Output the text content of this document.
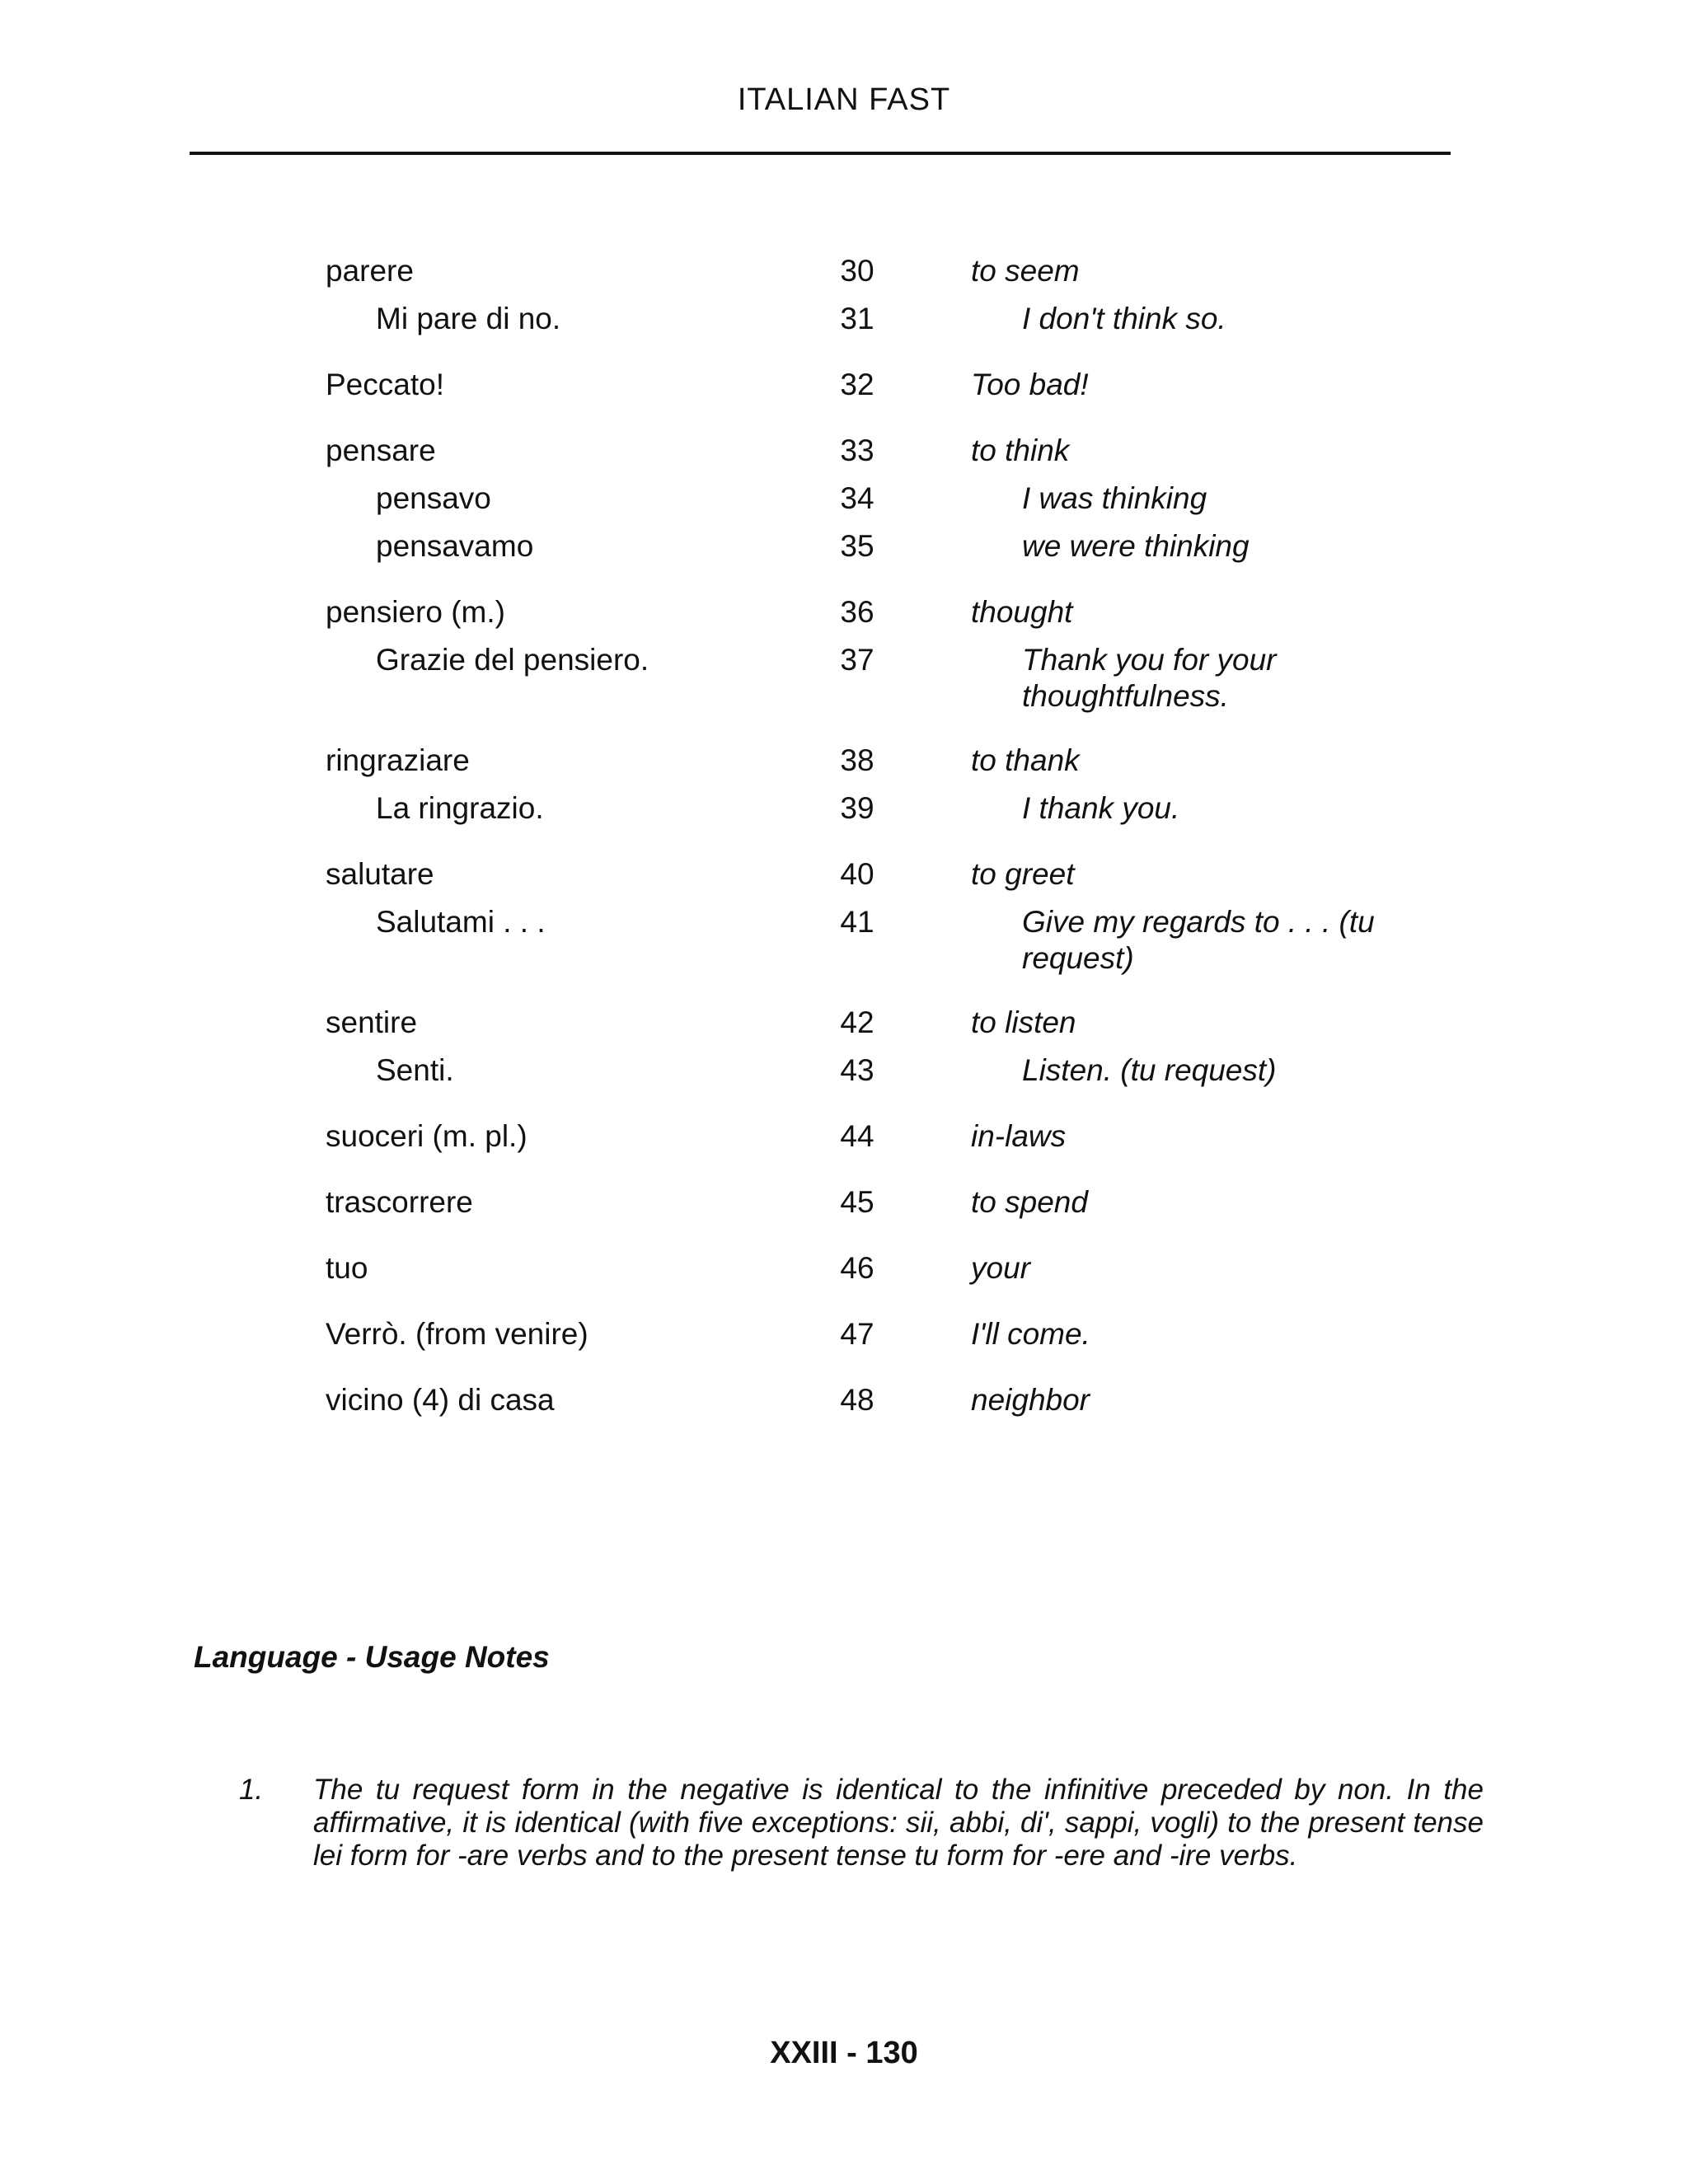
ITALIAN FAST
parere	30	to seem
Mi pare di no.	31	I don't think so.
Peccato!	32	Too bad!
pensare	33	to think
pensavo	34	I was thinking
pensavamo	35	we were thinking
pensiero (m.)	36	thought
Grazie del pensiero.	37	Thank you for your thoughtfulness.
ringraziare	38	to thank
La ringrazio.	39	I thank you.
salutare	40	to greet
Salutami . . .	41	Give my regards to . . . (tu request)
sentire	42	to listen
Senti.	43	Listen. (tu request)
suoceri (m. pl.)	44	in-laws
trascorrere	45	to spend
tuo	46	your
Verrò. (from venire)	47	I'll come.
vicino (4) di casa	48	neighbor
Language - Usage Notes
1. The tu request form in the negative is identical to the infinitive preceded by non. In the affirmative, it is identical (with five exceptions: sii, abbi, di', sappi, vogli) to the present tense lei form for -are verbs and to the present tense tu form for -ere and -ire verbs.
XXIII - 130
